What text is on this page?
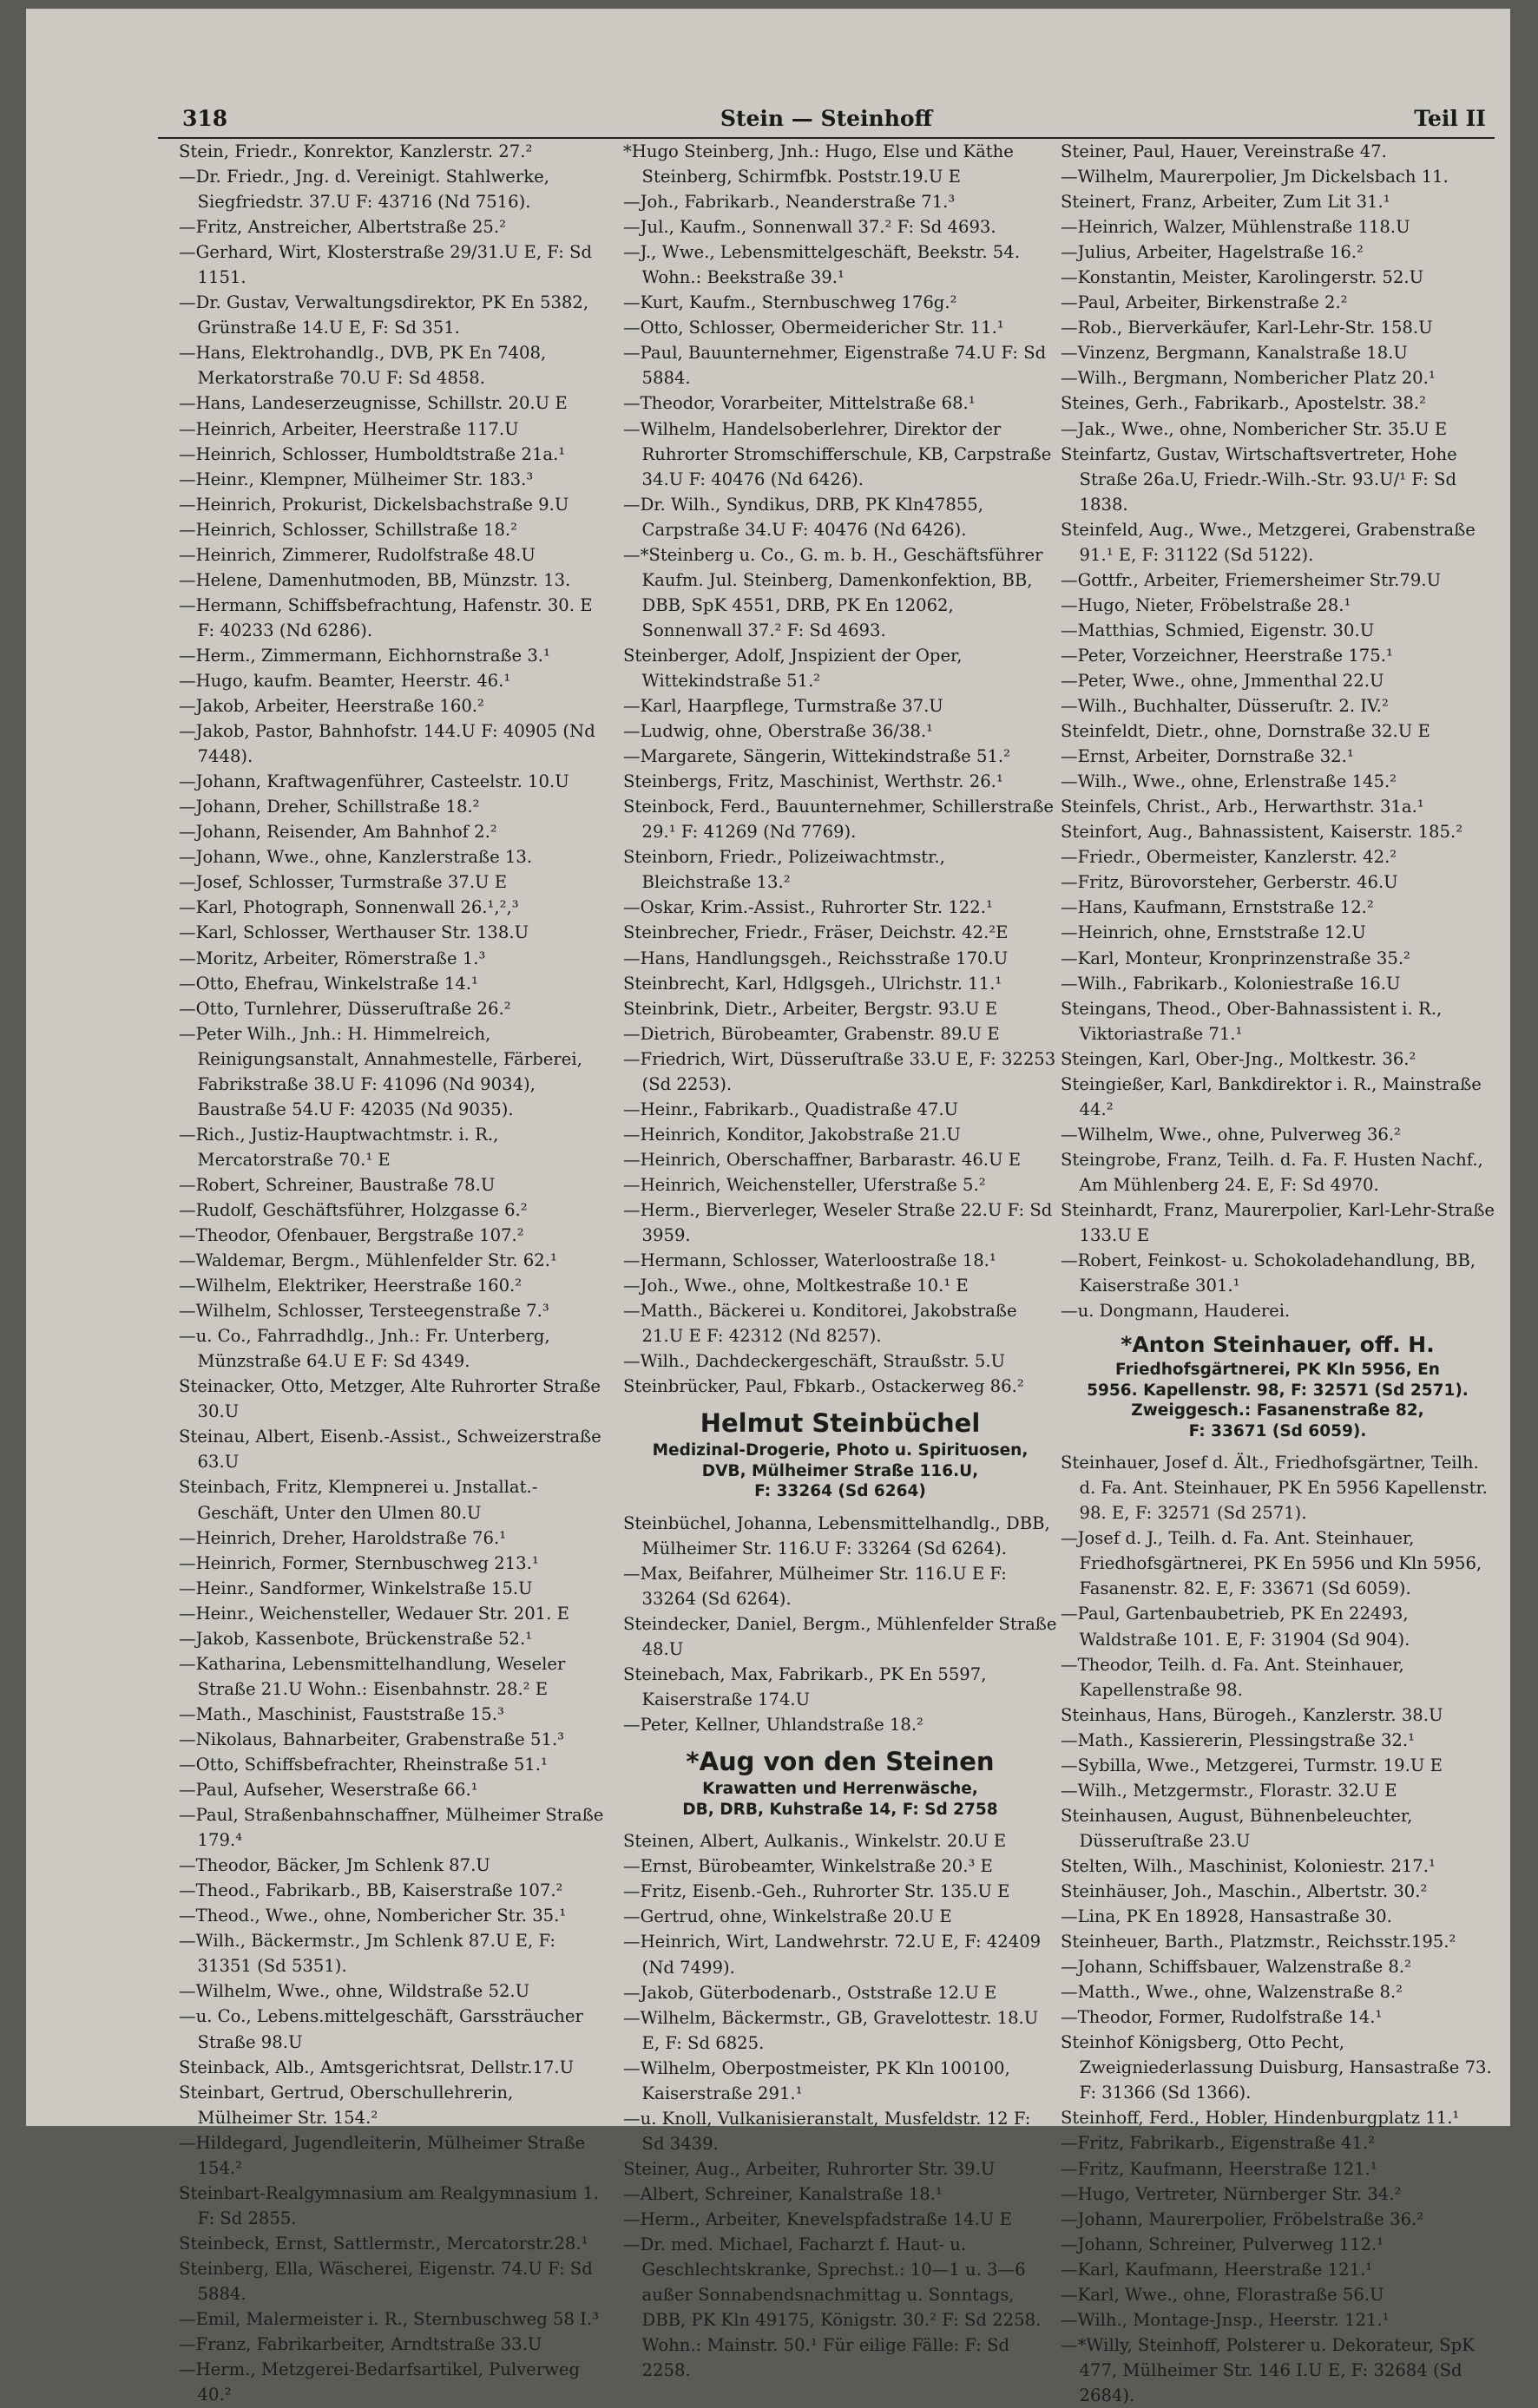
318	Stein — Steinhoff	Teil II
Stein, Friedr., Konrektor, Kanzlerstr. 27.²
—Dr. Friedr., Jng. d. Vereinigt. Stahlwerke, Siegfriedstr. 37.U F: 43716 (Nd 7516).
—Fritz, Anstreicher, Albertstraße 25.²
—Gerhard, Wirt, Klosterstraße 29/31.U E, F: Sd 1151.
—Dr. Gustav, Verwaltungsdirektor, PK En 5382, Grünstraße 14.U E, F: Sd 351.
—Hans, Elektrohandlg., DVB, PK En 7408, Merkatorstraße 70.U F: Sd 4858.
—Hans, Landeserzeugnisse, Schillstr. 20.U E
—Heinrich, Arbeiter, Heerstraße 117.U
—Heinrich, Schlosser, Humboldtstraße 21a.¹
—Heinr., Klempner, Mülheimer Str. 183.³
—Heinrich, Prokurist, Dickelsbachstraße 9.U
—Heinrich, Schlosser, Schillstraße 18.²
—Heinrich, Zimmerer, Rudolfstraße 48.U
—Helene, Damenhutmoden, BB, Münzstr. 13.
—Hermann, Schiffsbefrachtung, Hafenstr. 30. E F: 40233 (Nd 6286).
—Herm., Zimmermann, Eichhornstraße 3.¹
—Hugo, kaufm. Beamter, Heerstr. 46.¹
—Jakob, Arbeiter, Heerstraße 160.²
—Jakob, Pastor, Bahnhofstr. 144.U F: 40905 (Nd 7448).
—Johann, Kraftwagenführer, Casteelstr. 10.U
—Johann, Dreher, Schillstraße 18.²
—Johann, Reisender, Am Bahnhof 2.²
—Johann, Wwe., ohne, Kanzlerstraße 13.
—Josef, Schlosser, Turmstraße 37.U E
—Karl, Photograph, Sonnenwall 26.¹,²,³
—Karl, Schlosser, Werthauser Str. 138.U
—Moritz, Arbeiter, Römerstraße 1.³
—Otto, Ehefrau, Winkelstraße 14.¹
—Otto, Turnlehrer, Düsseruſtraße 26.²
—Peter Wilh., Jnh.: H. Himmelreich, Reinigungsanstalt, Annahmestelle, Färberei, Fabrikstraße 38.U F: 41096 (Nd 9034), Baustraße 54.U F: 42035 (Nd 9035).
—Rich., Justiz-Hauptwachtmstr. i. R., Mercatorstraße 70.¹ E
—Robert, Schreiner, Baustraße 78.U
—Rudolf, Geschäftsführer, Holzgasse 6.²
—Theodor, Ofenbauer, Bergstraße 107.²
—Waldemar, Bergm., Mühlenfelder Str. 62.¹
—Wilhelm, Elektriker, Heerstraße 160.²
—Wilhelm, Schlosser, Tersteegenstraße 7.³
—u. Co., Fahrradhdlg., Jnh.: Fr. Unterberg, Münzstraße 64.U E F: Sd 4349.
Steinacker, Otto, Metzger, Alte Ruhrorter Straße 30.U
Steinau, Albert, Eisenb.-Assist., Schweizerstraße 63.U
Steinbach, Fritz, Klempnerei u. Jnstallat.-Geschäft, Unter den Ulmen 80.U
—Heinrich, Dreher, Haroldstraße 76.¹
—Heinrich, Former, Sternbuschweg 213.¹
—Heinr., Sandformer, Winkelstraße 15.U
—Heinr., Weichensteller, Wedauer Str. 201. E
—Jakob, Kassenbote, Brückenstraße 52.¹
—Katharina, Lebensmittelhandlung, Weseler Straße 21.U Wohn.: Eisenbahnstr. 28.² E
—Math., Maschinist, Fauststraße 15.³
—Nikolaus, Bahnarbeiter, Grabenstraße 51.³
—Otto, Schiffsbefrachter, Rheinstraße 51.¹
—Paul, Aufseher, Weserstraße 66.¹
—Paul, Straßenbahnschaffner, Mülheimer Straße 179.⁴
—Theodor, Bäcker, Jm Schlenk 87.U
—Theod., Fabrikarb., BB, Kaiserstraße 107.²
—Theod., Wwe., ohne, Nombericher Str. 35.¹
—Wilh., Bäckermstr., Jm Schlenk 87.U E, F: 31351 (Sd 5351).
—Wilhelm, Wwe., ohne, Wildstraße 52.U
—u. Co., Lebens.mittelgeschäft, Garssträucher Straße 98.U
Steinback, Alb., Amtsgerichtsrat, Dellstr.17.U
Steinbart, Gertrud, Oberschullehrerin, Mülheimer Str. 154.²
—Hildegard, Jugendleiterin, Mülheimer Straße 154.²
Steinbart-Realgymnasium am Realgymnasium 1. F: Sd 2855.
Steinbeck, Ernst, Sattlermstr., Mercatorstr.28.¹
Steinberg, Ella, Wäscherei, Eigenstr. 74.U F: Sd 5884.
—Emil, Malermeister i. R., Sternbuschweg 58 I.³
—Franz, Fabrikarbeiter, Arndtstraße 33.U
—Herm., Metzgerei-Bedarfsartikel, Pulverweg 40.²
*Hugo Steinberg, Jnh.: Hugo, Else und Käthe Steinberg, Schirmfbk. Poststr.19.U E
—Joh., Fabrikarb., Neanderstraße 71.³
—Jul., Kaufm., Sonnenwall 37.² F: Sd 4693.
—J., Wwe., Lebensmittelgeschäft, Beekstr. 54. Wohn.: Beekstraße 39.¹
—Kurt, Kaufm., Sternbuschweg 176g.²
—Otto, Schlosser, Obermeidericher Str. 11.¹
—Paul, Bauunternehmer, Eigenstraße 74.U F: Sd 5884.
—Theodor, Vorarbeiter, Mittelstraße 68.¹
—Wilhelm, Handelsoberlehrer, Direktor der Ruhrorter Stromschifferschule, KB, Carpstraße 34.U F: 40476 (Nd 6426).
—Dr. Wilh., Syndikus, DRB, PK Kln47855, Carpstraße 34.U F: 40476 (Nd 6426).
—*Steinberg u. Co., G. m. b. H., Geschäftsführer Kaufm. Jul. Steinberg, Damenkonfektion, BB, DBB, SpK 4551, DRB, PK En 12062, Sonnenwall 37.² F: Sd 4693.
Steinberger, Adolf, Jnspizient der Oper, Wittekindstraße 51.²
—Karl, Haarpflege, Turmstraße 37.U
—Ludwig, ohne, Oberstraße 36/38.¹
—Margarete, Sängerin, Wittekindstraße 51.²
Steinbergs, Fritz, Maschinist, Werthstr. 26.¹
Steinbock, Ferd., Bauunternehmer, Schillerstraße 29.¹ F: 41269 (Nd 7769).
Steinborn, Friedr., Polizeiwachtmstr., Bleichstraße 13.²
—Oskar, Krim.-Assist., Ruhrorter Str. 122.¹
Steinbrecher, Friedr., Fräser, Deichstr. 42.²E
—Hans, Handlungsgeh., Reichsstraße 170.U
Steinbrecht, Karl, Hdlgsgeh., Ulrichstr. 11.¹
Steinbrink, Dietr., Arbeiter, Bergstr. 93.U E
—Dietrich, Bürobeamter, Grabenstr. 89.U E
—Friedrich, Wirt, Düsseruſtraße 33.U E, F: 32253 (Sd 2253).
—Heinr., Fabrikarb., Quadistraße 47.U
—Heinrich, Konditor, Jakobstraße 21.U
—Heinrich, Oberschaffner, Barbarastr. 46.U E
—Heinrich, Weichensteller, Uferstraße 5.²
—Herm., Bierverleger, Weseler Straße 22.U F: Sd 3959.
—Hermann, Schlosser, Waterloostraße 18.¹
—Joh., Wwe., ohne, Moltkestraße 10.¹ E
—Matth., Bäckerei u. Konditorei, Jakobstraße 21.U E F: 42312 (Nd 8257).
—Wilh., Dachdeckergeschäft, Straußstr. 5.U
Steinbrücker, Paul, Fbkarb., Ostackerweg 86.²
Helmut Steinbüchel
Medizinal-Drogerie, Photo u. Spirituosen,
DVB, Mülheimer Straße 116.U,
F: 33264 (Sd 6264)
Steinbüchel, Johanna, Lebensmittelhandlg., DBB, Mülheimer Str. 116.U F: 33264 (Sd 6264).
—Max, Beifahrer, Mülheimer Str. 116.U E F: 33264 (Sd 6264).
Steindecker, Daniel, Bergm., Mühlenfelder Straße 48.U
Steinebach, Max, Fabrikarb., PK En 5597, Kaiserstraße 174.U
—Peter, Kellner, Uhlandstraße 18.²
*Aug von den Steinen
Krawatten und Herrenwäsche,
DB, DRB, Kuhstraße 14, F: Sd 2758
Steinen, Albert, Aulkanis., Winkelstr. 20.U E
—Ernst, Bürobeamter, Winkelstraße 20.³ E
—Fritz, Eisenb.-Geh., Ruhrorter Str. 135.U E
—Gertrud, ohne, Winkelstraße 20.U E
—Heinrich, Wirt, Landwehrstr. 72.U E, F: 42409 (Nd 7499).
—Jakob, Güterbodenarb., Oststraße 12.U E
—Wilhelm, Bäckermstr., GB, Gravelottestr. 18.U E, F: Sd 6825.
—Wilhelm, Oberpostmeister, PK Kln 100100, Kaiserstraße 291.¹
—u. Knoll, Vulkanisieranstalt, Musfeldstr. 12 F: Sd 3439.
Steiner, Aug., Arbeiter, Ruhrorter Str. 39.U
—Albert, Schreiner, Kanalstraße 18.¹
—Herm., Arbeiter, Knevelspfadstraße 14.U E
—Dr. med. Michael, Facharzt f. Haut- u. Geschlechtskranke, Sprechst.: 10—1 u. 3—6 außer Sonnabendsnachmittag u. Sonntags, DBB, PK Kln 49175, Königstr. 30.² F: Sd 2258. Wohn.: Mainstr. 50.¹ Für eilige Fälle: F: Sd 2258.
Steiner, Paul, Hauer, Vereinstraße 47.
—Wilhelm, Maurerpolier, Jm Dickelsbach 11.
Steinert, Franz, Arbeiter, Zum Lit 31.¹
—Heinrich, Walzer, Mühlenstraße 118.U
—Julius, Arbeiter, Hagelstraße 16.²
—Konstantin, Meister, Karolingerstr. 52.U
—Paul, Arbeiter, Birkenstraße 2.²
—Rob., Bierverkäufer, Karl-Lehr-Str. 158.U
—Vinzenz, Bergmann, Kanalstraße 18.U
—Wilh., Bergmann, Nombericher Platz 20.¹
Steines, Gerh., Fabrikarb., Apostelstr. 38.²
—Jak., Wwe., ohne, Nombericher Str. 35.U E
Steinfartz, Gustav, Wirtschaftsvertreter, Hohe Straße 26a.U, Friedr.-Wilh.-Str. 93.U/¹ F: Sd 1838.
Steinfeld, Aug., Wwe., Metzgerei, Grabenstraße 91.¹ E, F: 31122 (Sd 5122).
—Gottfr., Arbeiter, Friemersheimer Str.79.U
—Hugo, Nieter, Fröbelstraße 28.¹
—Matthias, Schmied, Eigenstr. 30.U
—Peter, Vorzeichner, Heerstraße 175.¹
—Peter, Wwe., ohne, Jmmenthal 22.U
—Wilh., Buchhalter, Düsseruſtr. 2. IV.²
Steinfeldt, Dietr., ohne, Dornstraße 32.U E
—Ernst, Arbeiter, Dornstraße 32.¹
—Wilh., Wwe., ohne, Erlenstraße 145.²
Steinfels, Christ., Arb., Herwarthstr. 31a.¹
Steinfort, Aug., Bahnassistent, Kaiserstr. 185.²
—Friedr., Obermeister, Kanzlerstr. 42.²
—Fritz, Bürovorsteher, Gerberstr. 46.U
—Hans, Kaufmann, Ernststraße 12.²
—Heinrich, ohne, Ernststraße 12.U
—Karl, Monteur, Kronprinzenstraße 35.²
—Wilh., Fabrikarb., Koloniestraße 16.U
Steingans, Theod., Ober-Bahnassistent i. R., Viktoriastraße 71.¹
Steingen, Karl, Ober-Jng., Moltkestr. 36.²
Steingießer, Karl, Bankdirektor i. R., Mainstraße 44.²
—Wilhelm, Wwe., ohne, Pulverweg 36.²
Steingrobe, Franz, Teilh. d. Fa. F. Husten Nachf., Am Mühlenberg 24. E, F: Sd 4970.
Steinhardt, Franz, Maurerpolier, Karl-Lehr-Straße 133.U E
—Robert, Feinkost- u. Schokoladehandlung, BB, Kaiserstraße 301.¹
—u. Dongmann, Hauderei.
*Anton Steinhauer, off. H.
Friedhofsgärtnerei, PK Kln 5956, En
5956. Kapellenstr. 98, F: 32571 (Sd 2571).
Zweiggesch.: Fasanenstraße 82,
F: 33671 (Sd 6059).
Steinhauer, Josef d. Ält., Friedhofsgärtner, Teilh. d. Fa. Ant. Steinhauer, PK En 5956 Kapellenstr. 98. E, F: 32571 (Sd 2571).
—Josef d. J., Teilh. d. Fa. Ant. Steinhauer, Friedhofsgärtnerei, PK En 5956 und Kln 5956, Fasanenstr. 82. E, F: 33671 (Sd 6059).
—Paul, Gartenbaubetrieb, PK En 22493, Waldstraße 101. E, F: 31904 (Sd 904).
—Theodor, Teilh. d. Fa. Ant. Steinhauer, Kapellenstraße 98.
Steinhaus, Hans, Bürogeh., Kanzlerstr. 38.U
—Math., Kassiererin, Plessingstraße 32.¹
—Sybilla, Wwe., Metzgerei, Turmstr. 19.U E
—Wilh., Metzgermstr., Florastr. 32.U E
Steinhausen, August, Bühnenbeleuchter, Düsseruſtraße 23.U
Stelten, Wilh., Maschinist, Koloniestr. 217.¹
Steinhäuser, Joh., Maschin., Albertstr. 30.²
—Lina, PK En 18928, Hansastraße 30.
Steinheuer, Barth., Platzmstr., Reichsstr.195.²
—Johann, Schiffsbauer, Walzenstraße 8.²
—Matth., Wwe., ohne, Walzenstraße 8.²
—Theodor, Former, Rudolfstraße 14.¹
Steinhof Königsberg, Otto Pecht, Zweigniederlassung Duisburg, Hansastraße 73. F: 31366 (Sd 1366).
Steinhoff, Ferd., Hobler, Hindenburgplatz 11.¹
—Fritz, Fabrikarb., Eigenstraße 41.²
—Fritz, Kaufmann, Heerstraße 121.¹
—Hugo, Vertreter, Nürnberger Str. 34.²
—Johann, Maurerpolier, Fröbelstraße 36.²
—Johann, Schreiner, Pulverweg 112.¹
—Karl, Kaufmann, Heerstraße 121.¹
—Karl, Wwe., ohne, Florastraße 56.U
—Wilh., Montage-Jnsp., Heerstr. 121.¹
—*Willy, Steinhoff, Polsterer u. Dekorateur, SpK 477, Mülheimer Str. 146 I.U E, F: 32684 (Sd 2684).
